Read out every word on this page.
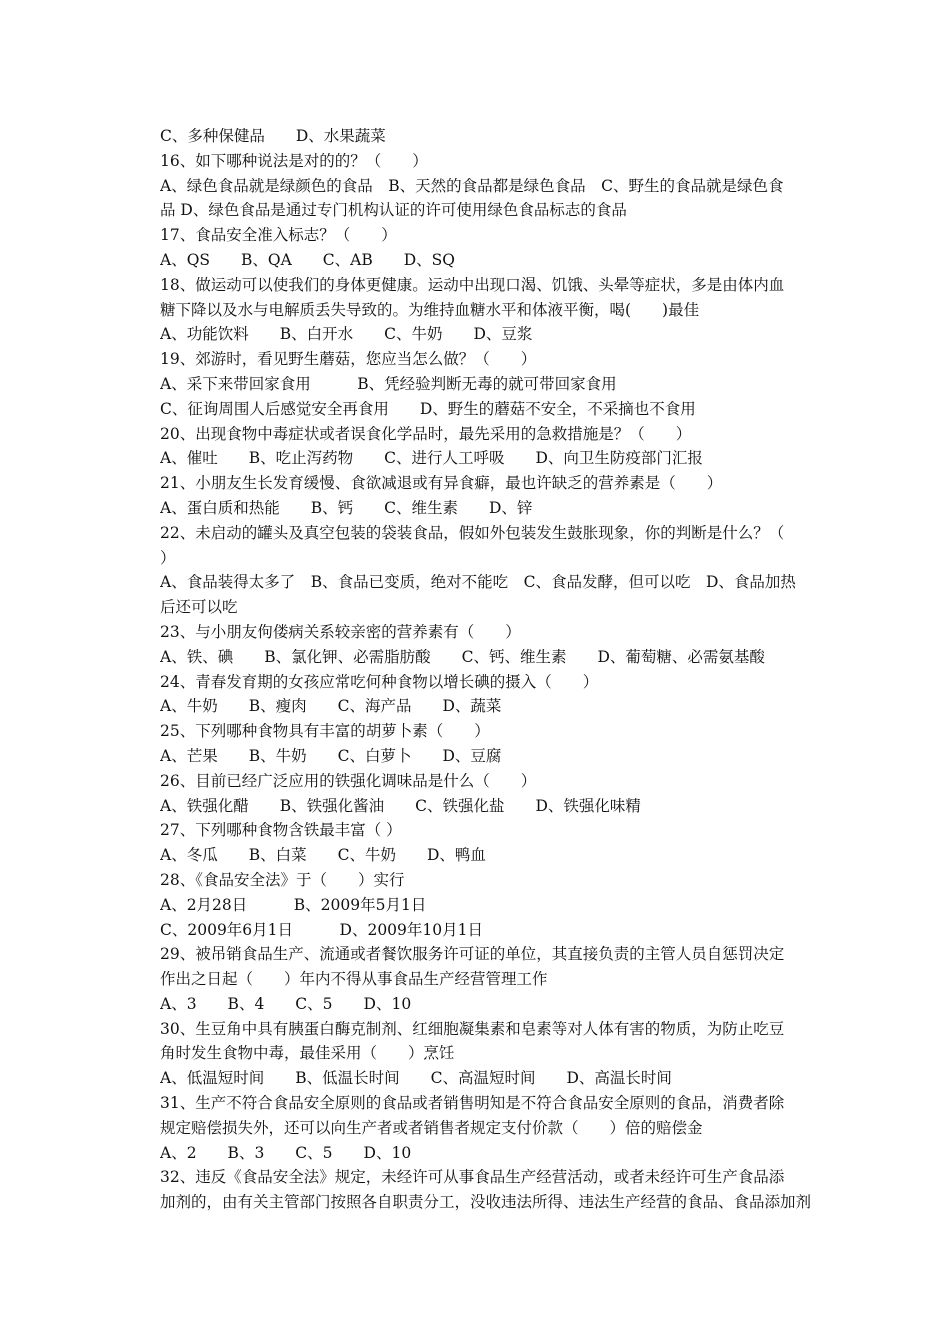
C、多种保健品　　D、水果蔬菜
16、如下哪种说法是对的的？（　　）
A、绿色食品就是绿颜色的食品　B、天然的食品都是绿色食品　C、野生的食品就是绿色食
品 D、绿色食品是通过专门机构认证的许可使用绿色食品标志的食品
17、食品安全准入标志？（　　）
A、QS　　B、QA　　C、AB　　D、SQ
18、做运动可以使我们的身体更健康。运动中出现口渴、饥饿、头晕等症状，多是由体内血
糖下降以及水与电解质丢失导致的。为维持血糖水平和体液平衡，喝(　　)最佳
A、功能饮料　　B、白开水　　C、牛奶　　D、豆浆
19、郊游时，看见野生蘑菇，您应当怎么做？（　　）
A、采下来带回家食用　　　B、凭经验判断无毒的就可带回家食用
C、征询周围人后感觉安全再食用　　D、野生的蘑菇不安全，不采摘也不食用
20、出现食物中毒症状或者误食化学品时，最先采用的急救措施是？（　　）
A、催吐　　B、吃止泻药物　　C、进行人工呼吸　　D、向卫生防疫部门汇报
21、小朋友生长发育缓慢、食欲减退或有异食癖，最也许缺乏的营养素是（　　）
A、蛋白质和热能　　B、钙　　C、维生素　　D、锌
22、未启动的罐头及真空包装的袋装食品，假如外包装发生鼓胀现象，你的判断是什么？（
）
A、食品装得太多了　B、食品已变质，绝对不能吃　C、食品发酵，但可以吃　D、食品加热
后还可以吃
23、与小朋友佝偻病关系较亲密的营养素有（　　）
A、铁、碘　　B、氯化钾、必需脂肪酸　　C、钙、维生素　　D、葡萄糖、必需氨基酸
24、青春发育期的女孩应常吃何种食物以增长碘的摄入（　　）
A、牛奶　　B、瘦肉　　C、海产品　　D、蔬菜
25、下列哪种食物具有丰富的胡萝卜素（　　）
A、芒果　　B、牛奶　　C、白萝卜　　D、豆腐
26、目前已经广泛应用的铁强化调味品是什么（　　）
A、铁强化醋　　B、铁强化酱油　　C、铁强化盐　　D、铁强化味精
27、下列哪种食物含铁最丰富（ ）
A、冬瓜　　B、白菜　　C、牛奶　　D、鸭血
28、《食品安全法》于（　　）实行
A、2月28日　　　B、2009年5月1日
C、2009年6月1日　　　D、2009年10月1日
29、被吊销食品生产、流通或者餐饮服务许可证的单位，其直接负责的主管人员自惩罚决定
作出之日起（　　）年内不得从事食品生产经营管理工作
A、3　　B、4　　C、5　　D、10
30、生豆角中具有胰蛋白酶克制剂、红细胞凝集素和皂素等对人体有害的物质，为防止吃豆
角时发生食物中毒，最佳采用（　　）烹饪
A、低温短时间　　B、低温长时间　　C、高温短时间　　D、高温长时间
31、生产不符合食品安全原则的食品或者销售明知是不符合食品安全原则的食品，消费者除
规定赔偿损失外，还可以向生产者或者销售者规定支付价款（　　）倍的赔偿金
A、2　　B、3　　C、5　　D、10
32、违反《食品安全法》规定，未经许可从事食品生产经营活动，或者未经许可生产食品添
加剂的，由有关主管部门按照各自职责分工，没收违法所得、违法生产经营的食品、食品添加剂
